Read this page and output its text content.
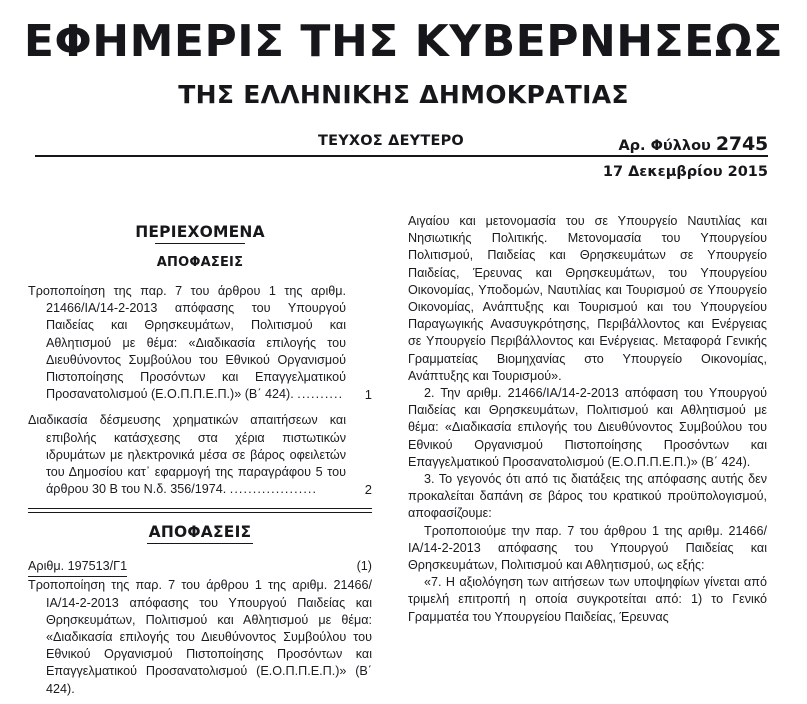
ΕΦΗΜΕΡΙΣ ΤΗΣ ΚΥΒΕΡΝΗΣΕΩΣ
ΤΗΣ ΕΛΛΗΝΙΚΗΣ ΔΗΜΟΚΡΑΤΙΑΣ
ΤΕΥΧΟΣ ΔΕΥΤΕΡΟ	Αρ. Φύλλου 2745
17 Δεκεμβρίου 2015
ΠΕΡΙΕΧΟΜΕΝΑ
ΑΠΟΦΑΣΕΙΣ
Τροποποίηση της παρ. 7 του άρθρου 1 της αριθμ. 21466/ΙΑ/14-2-2013 απόφασης του Υπουργού Παιδείας και Θρησκευμάτων, Πολιτισμού και Αθλητισμού με θέμα: «Διαδικασία επιλογής του Διευθύνοντος Συμβούλου του Εθνικού Οργανισμού Πιστοποίησης Προσόντων και Επαγγελματικού Προσανατολισμού (Ε.Ο.Π.Π.Ε.Π.)» (Β΄ 424). .......... 1
Διαδικασία δέσμευσης χρηματικών απαιτήσεων και επιβολής κατάσχεσης στα χέρια πιστωτικών ιδρυμάτων με ηλεκτρονικά μέσα σε βάρος οφειλετών του Δημοσίου κατ᾽ εφαρμογή της παραγράφου 5 του άρθρου 30 Β του Ν.δ. 356/1974. ...................	2
ΑΠΟΦΑΣΕΙΣ
Αριθμ. 197513/Γ1	(1)

Τροποποίηση της παρ. 7 του άρθρου 1 της αριθμ. 21466/ΙΑ/14-2-2013 απόφασης του Υπουργού Παιδείας και Θρησκευμάτων, Πολιτισμού και Αθλητισμού με θέμα: «Διαδικασία επιλογής του Διευθύνοντος Συμβούλου του Εθνικού Οργανισμού Πιστοποίησης Προσόντων και Επαγγελματικού Προσανατολισμού (Ε.Ο.Π.Π.Ε.Π.)» (Β΄ 424).

Αιγαίου και μετονομασία του σε Υπουργείο Ναυτιλίας και Νησιωτικής Πολιτικής. Μετονομασία του Υπουργείου Πολιτισμού, Παιδείας και Θρησκευμάτων σε Υπουργείο Παιδείας, Έρευνας και Θρησκευμάτων, του Υπουργείου Οικονομίας, Υποδομών, Ναυτιλίας και Τουρισμού σε Υπουργείο Οικονομίας, Ανάπτυξης και Τουρισμού και του Υπουργείου Παραγωγικής Ανασυγκρότησης, Περιβάλλοντος και Ενέργειας σε Υπουργείο Περιβάλλοντος και Ενέργειας. Μεταφορά Γενικής Γραμματείας Βιομηχανίας στο Υπουργείο Οικονομίας, Ανάπτυξης και Τουρισμού».

2. Την αριθμ. 21466/ΙΑ/14-2-2013 απόφαση του Υπουργού Παιδείας και Θρησκευμάτων, Πολιτισμού και Αθλητισμού με θέμα: «Διαδικασία επιλογής του Διευθύνοντος Συμβούλου του Εθνικού Οργανισμού Πιστοποίησης Προσόντων και Επαγγελματικού Προσανατολισμού (Ε.Ο.Π.Π.Ε.Π.)» (Β΄ 424).

3. Το γεγονός ότι από τις διατάξεις της απόφασης αυτής δεν προκαλείται δαπάνη σε βάρος του κρατικού προϋπολογισμού, αποφασίζουμε:

Τροποποιούμε την παρ. 7 του άρθρου 1 της αριθμ. 21466/ΙΑ/14-2-2013 απόφασης του Υπουργού Παιδείας και Θρησκευμάτων, Πολιτισμού και Αθλητισμού, ως εξής:

«7. Η αξιολόγηση των αιτήσεων των υποψηφίων γίνεται από τριμελή επιτροπή η οποία συγκροτείται από: 1) το Γενικό Γραμματέα του Υπουργείου Παιδείας, Έρευνας
